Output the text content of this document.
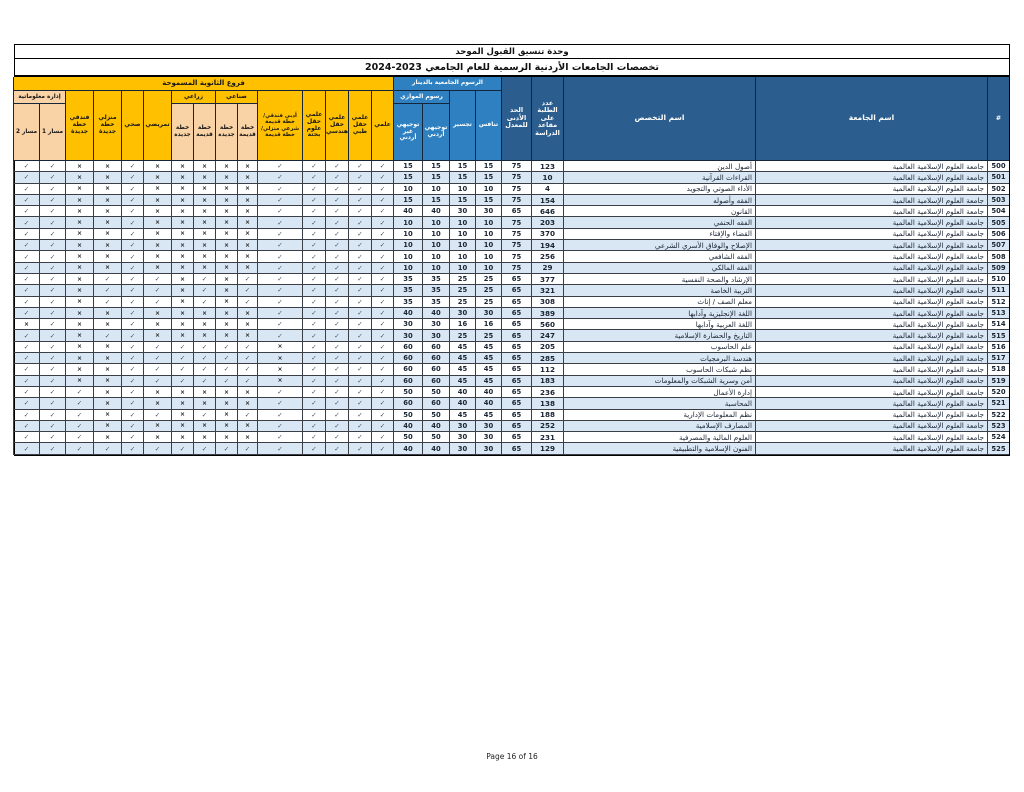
وحدة تنسيق القبول الموحد
تخصصات الجامعات الأردنية الرسمية للعام الجامعي 2023-2024
#
اسم الجامعة
اسم التخصص
عدد الطلبة على مقاعد الدراسة
الحد الأدنى للمعدل
الرسوم الجامعية بالدينار
تنافس
تجسير
رسوم الموازي
توجيهي أردني
توجيهي غير أردني
فروع الثانوية المسموحة
علمي
علمي حقل طبي
علمي حقل هندسي
علمي حقل علوم بحتة
أدبي فندقي/خطة قديمة شرعي منزلي/خطة قديمة
صناعي
خطة قديمة
خطة جديدة
زراعي
خطة قديمة
خطة جديدة
تمريضي
صحي
منزلي خطة جديدة
فندقي خطة جديدة
إدارة معلوماتية
مسار 1
مسار 2
500
جامعة العلوم الإسلامية العالمية
أصول الدين
123
75
15
15
15
15
✓
✓
✓
✓
✓
×
×
×
×
×
✓
×
×
✓
✓
501
جامعة العلوم الإسلامية العالمية
القراءات القرآنية
10
75
15
15
15
15
✓
✓
✓
✓
✓
×
×
×
×
×
✓
×
×
✓
✓
502
جامعة العلوم الإسلامية العالمية
الأداء الصوتي والتجويد
4
75
10
10
10
10
✓
✓
✓
✓
✓
×
×
×
×
×
✓
×
×
✓
✓
503
جامعة العلوم الإسلامية العالمية
الفقه وأصوله
154
75
15
15
15
15
✓
✓
✓
✓
✓
×
×
×
×
×
✓
×
×
✓
✓
504
جامعة العلوم الإسلامية العالمية
القانون
646
65
30
30
40
40
✓
✓
✓
✓
✓
×
×
×
×
×
✓
×
×
✓
✓
505
جامعة العلوم الإسلامية العالمية
الفقه الحنفي
203
75
10
10
10
10
✓
✓
✓
✓
✓
×
×
×
×
×
✓
×
×
✓
✓
506
جامعة العلوم الإسلامية العالمية
القضاء والإفتاء
370
75
10
10
10
10
✓
✓
✓
✓
✓
×
×
×
×
×
✓
×
×
✓
✓
507
جامعة العلوم الإسلامية العالمية
الإصلاح والوفاق الأسري الشرعي
194
75
10
10
10
10
✓
✓
✓
✓
✓
×
×
×
×
×
✓
×
×
✓
✓
508
جامعة العلوم الإسلامية العالمية
الفقه الشافعي
256
75
10
10
10
10
✓
✓
✓
✓
✓
×
×
×
×
×
✓
×
×
✓
✓
509
جامعة العلوم الإسلامية العالمية
الفقه المالكي
29
75
10
10
10
10
✓
✓
✓
✓
✓
×
×
×
×
×
✓
×
×
✓
✓
510
جامعة العلوم الإسلامية العالمية
الإرشاد والصحة النفسية
377
65
25
25
35
35
✓
✓
✓
✓
✓
✓
×
✓
×
✓
✓
✓
×
✓
✓
511
جامعة العلوم الإسلامية العالمية
التربية الخاصة
321
65
25
25
35
35
✓
✓
✓
✓
✓
✓
×
✓
×
✓
✓
✓
×
✓
✓
512
جامعة العلوم الإسلامية العالمية
معلم الصف / إناث
308
65
25
25
35
35
✓
✓
✓
✓
✓
✓
×
✓
×
✓
✓
✓
×
✓
✓
513
جامعة العلوم الإسلامية العالمية
اللغة الإنجليزية وآدابها
389
65
30
30
40
40
✓
✓
✓
✓
✓
×
×
×
×
×
✓
×
×
✓
✓
514
جامعة العلوم الإسلامية العالمية
اللغة العربية وآدابها
560
65
16
16
30
30
✓
✓
✓
✓
✓
×
×
×
×
×
✓
×
×
✓
×
515
جامعة العلوم الإسلامية العالمية
التاريخ والحضارة الإسلامية
247
65
25
25
30
30
✓
✓
✓
✓
✓
×
×
×
×
×
✓
✓
×
✓
✓
516
جامعة العلوم الإسلامية العالمية
علم الحاسوب
205
65
45
45
60
60
✓
✓
✓
✓
×
✓
✓
✓
✓
✓
✓
×
×
✓
✓
517
جامعة العلوم الإسلامية العالمية
هندسة البرمجيات
285
65
45
45
60
60
✓
✓
✓
✓
×
✓
✓
✓
✓
✓
✓
×
×
✓
✓
518
جامعة العلوم الإسلامية العالمية
نظم شبكات الحاسوب
112
65
45
45
60
60
✓
✓
✓
✓
×
✓
✓
✓
✓
✓
✓
×
×
✓
✓
519
جامعة العلوم الإسلامية العالمية
أمن وسرية الشبكات والمعلومات
183
65
45
45
60
60
✓
✓
✓
✓
×
✓
✓
✓
✓
✓
✓
×
×
✓
✓
520
جامعة العلوم الإسلامية العالمية
إدارة الأعمال
236
65
40
40
50
50
✓
✓
✓
✓
✓
×
×
×
×
×
✓
×
✓
✓
✓
521
جامعة العلوم الإسلامية العالمية
المحاسبة
138
65
40
40
60
60
✓
✓
✓
✓
✓
×
×
×
×
×
✓
×
✓
✓
✓
522
جامعة العلوم الإسلامية العالمية
نظم المعلومات الإدارية
188
65
45
45
50
50
✓
✓
✓
✓
✓
✓
×
✓
×
✓
✓
×
✓
✓
✓
523
جامعة العلوم الإسلامية العالمية
المصارف الإسلامية
252
65
30
30
40
40
✓
✓
✓
✓
✓
×
×
×
×
×
✓
×
✓
✓
✓
524
جامعة العلوم الإسلامية العالمية
العلوم المالية والمصرفية
231
65
30
30
50
50
✓
✓
✓
✓
✓
×
×
×
×
×
✓
×
✓
✓
✓
525
جامعة العلوم الإسلامية العالمية
الفنون الإسلامية والتطبيقية
129
65
30
30
40
40
✓
✓
✓
✓
✓
✓
✓
✓
✓
✓
✓
✓
✓
✓
✓
Page 16 of 16
